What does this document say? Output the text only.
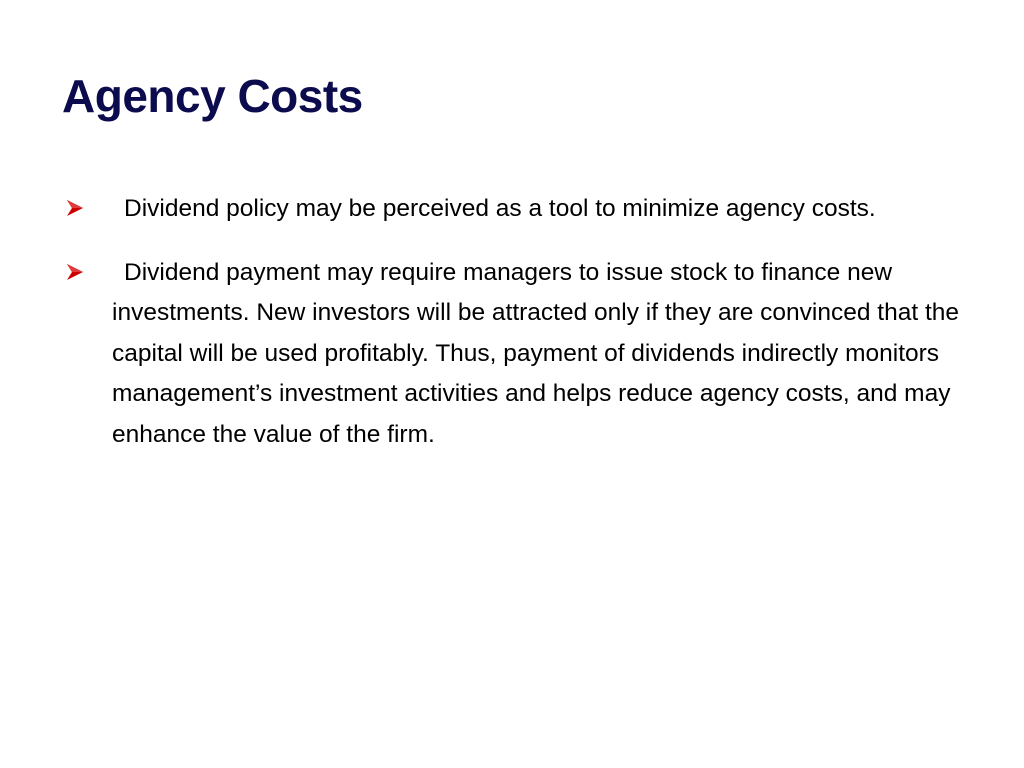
Agency Costs
Dividend policy may be perceived as a tool to minimize agency costs.
Dividend payment may require managers to issue stock to finance new investments. New investors will be attracted only if they are convinced that the capital will be used profitably. Thus, payment of dividends indirectly monitors management’s investment activities and helps reduce agency costs, and may enhance the value of the firm.
